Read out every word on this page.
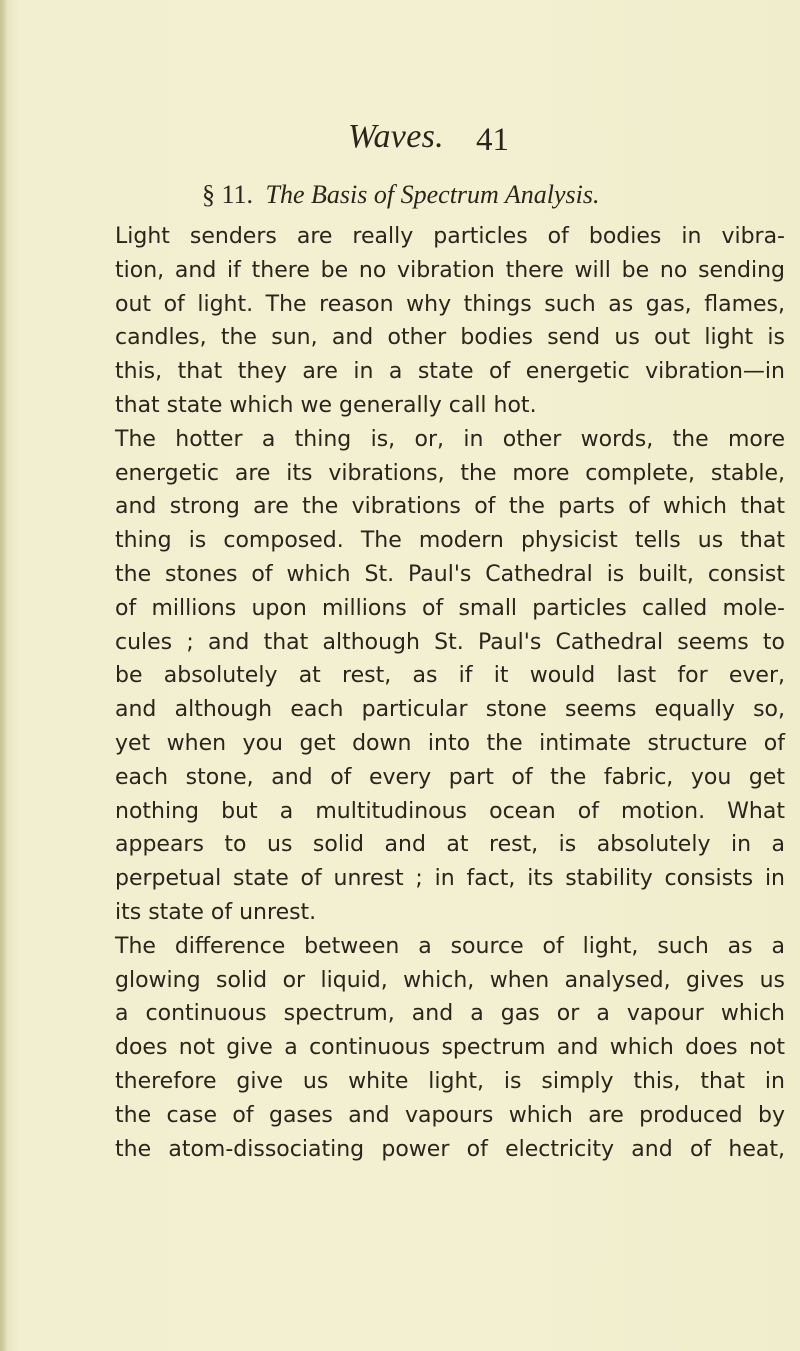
Waves. 41
§ 11. The Basis of Spectrum Analysis.
Light senders are really particles of bodies in vibra-
tion, and if there be no vibration there will be no sending
out of light. The reason why things such as gas, flames,
candles, the sun, and other bodies send us out light is
this, that they are in a state of energetic vibration—in
that state which we generally call hot.
The hotter a thing is, or, in other words, the more
energetic are its vibrations, the more complete, stable,
and strong are the vibrations of the parts of which that
thing is composed. The modern physicist tells us that
the stones of which St. Paul's Cathedral is built, consist
of millions upon millions of small particles called mole-
cules ; and that although St. Paul's Cathedral seems to
be absolutely at rest, as if it would last for ever,
and although each particular stone seems equally so,
yet when you get down into the intimate structure of
each stone, and of every part of the fabric, you get
nothing but a multitudinous ocean of motion. What
appears to us solid and at rest, is absolutely in a
perpetual state of unrest ; in fact, its stability consists in
its state of unrest.
The difference between a source of light, such as a
glowing solid or liquid, which, when analysed, gives us
a continuous spectrum, and a gas or a vapour which
does not give a continuous spectrum and which does not
therefore give us white light, is simply this, that in
the case of gases and vapours which are produced by
the atom-dissociating power of electricity and of heat,
